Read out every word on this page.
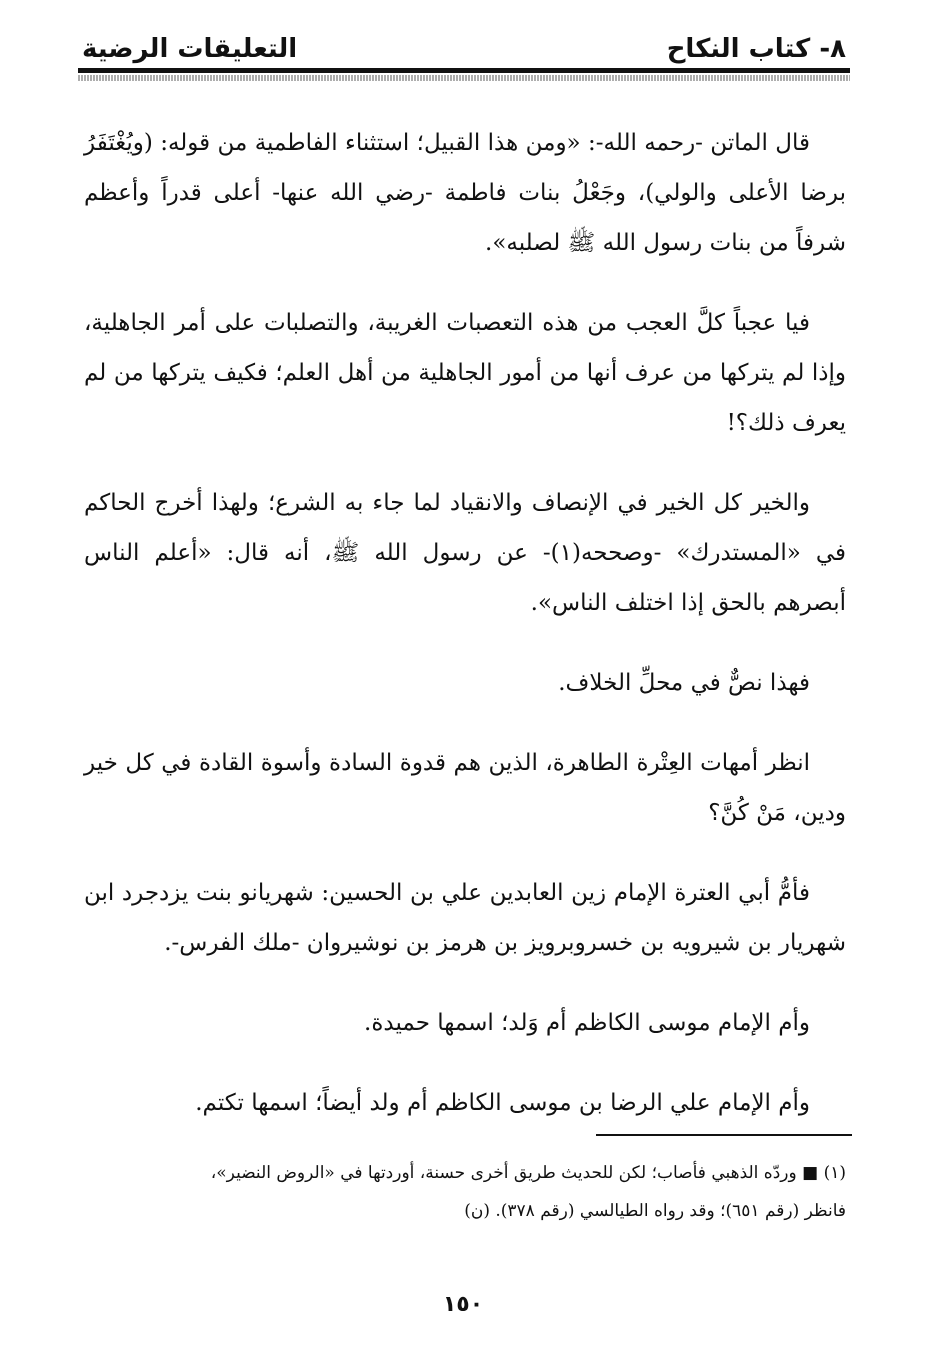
٨- كتاب النكاح
التعليقات الرضية

قال الماتن -رحمه الله-: «ومن هذا القبيل؛ استثناء الفاطمية من قوله: (ويُغْتَفَرُ برضا الأعلى والولي)، وجَعْلُ بنات فاطمة -رضي الله عنها- أعلى قدراً وأعظم شرفاً من بنات رسول الله ﷺ لصلبه».

فيا عجباً كلَّ العجب من هذه التعصبات الغريبة، والتصلبات على أمر الجاهلية، وإذا لم يتركها من عرف أنها من أمور الجاهلية من أهل العلم؛ فكيف يتركها من لم يعرف ذلك؟!

والخير كل الخير في الإنصاف والانقياد لما جاء به الشرع؛ ولهذا أخرج الحاكم في «المستدرك» -وصححه(١)- عن رسول الله ﷺ، أنه قال: «أعلم الناس أبصرهم بالحق إذا اختلف الناس».

فهذا نصٌّ في محلِّ الخلاف.

انظر أمهات العِتْرة الطاهرة، الذين هم قدوة السادة وأسوة القادة في كل خير ودين، مَنْ كُنَّ؟

فأمُّ أبي العترة الإمام زين العابدين علي بن الحسين: شهريانو بنت يزدجرد ابن شهريار بن شيرويه بن خسروبرويز بن هرمز بن نوشيروان -ملك الفرس-.

وأم الإمام موسى الكاظم أم وَلد؛ اسمها حميدة.

وأم الإمام علي الرضا بن موسى الكاظم أم ولد أيضاً؛ اسمها تكتم.

(١) ■ وردّه الذهبي فأصاب؛ لكن للحديث طريق أخرى حسنة، أوردتها في «الروض النضير»،

فانظر (رقم ٦٥١)؛ وقد رواه الطيالسي (رقم ٣٧٨). (ن)

١٥٠
